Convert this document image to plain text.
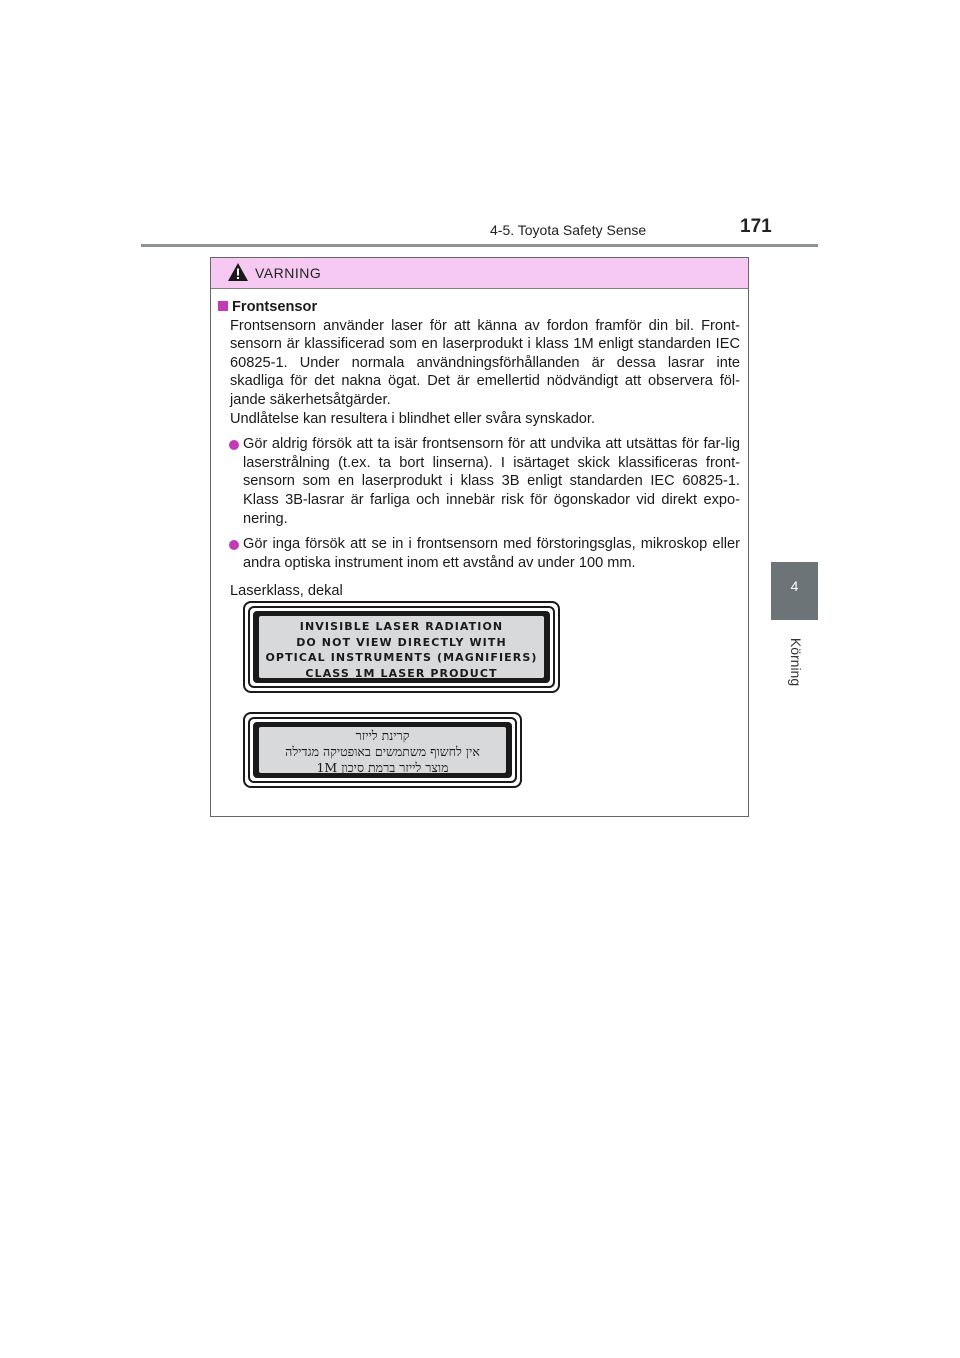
4-5. Toyota Safety Sense	171
4
Körning
VARNING
Frontsensor
Frontsensorn använder laser för att känna av fordon framför din bil. Front-sensorn är klassificerad som en laserprodukt i klass 1M enligt standarden IEC 60825-1. Under normala användningsförhållanden är dessa lasrar inte skadliga för det nakna ögat. Det är emellertid nödvändigt att observera föl-jande säkerhetsåtgärder.
Undlåtelse kan resultera i blindhet eller svåra synskador.
Gör aldrig försök att ta isär frontsensorn för att undvika att utsättas för far-lig laserstrålning (t.ex. ta bort linserna). I isärtaget skick klassificeras front-sensorn som en laserprodukt i klass 3B enligt standarden IEC 60825-1. Klass 3B-lasrar är farliga och innebär risk för ögonskador vid direkt expo-nering.
Gör inga försök att se in i frontsensorn med förstoringsglas, mikroskop eller andra optiska instrument inom ett avstånd av under 100 mm.
Laserklass, dekal
INVISIBLE LASER RADIATION
DO NOT VIEW DIRECTLY WITH
OPTICAL INSTRUMENTS (MAGNIFIERS)
CLASS 1M LASER PRODUCT
קרינת לייזר
אין לחשוף משתמשים באופטיקה מגדילה
מוצר לייזר ברמת סיכון 1M
